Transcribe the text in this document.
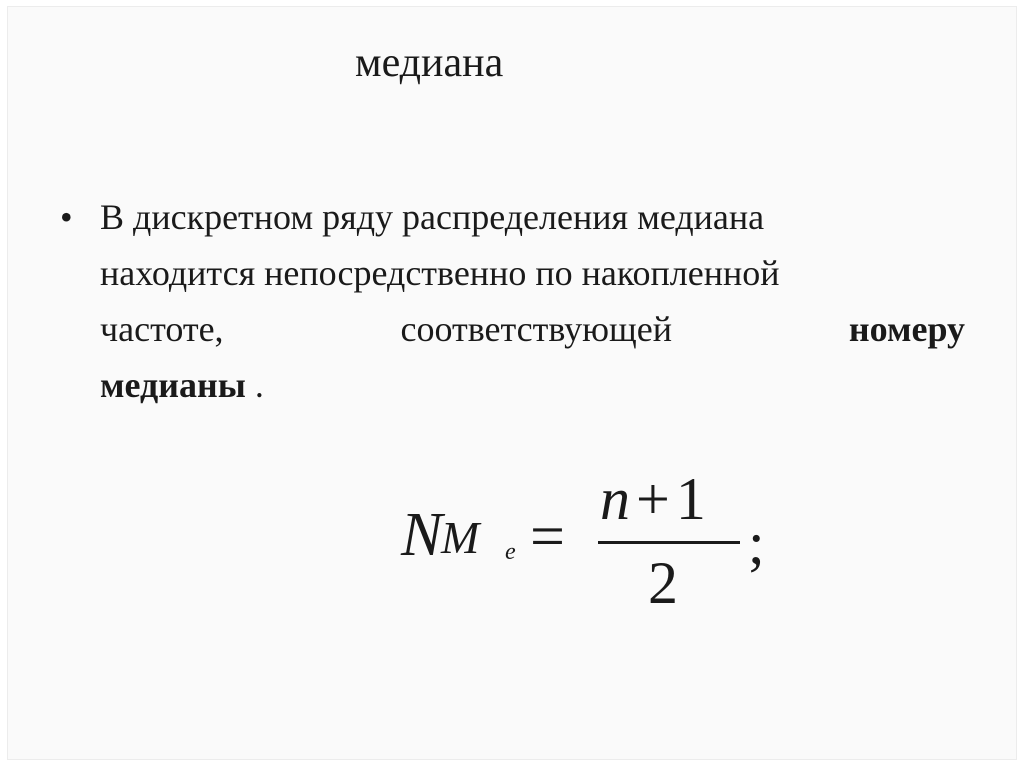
медиана
• В дискретном ряду распределения медиана
находится непосредственно по накопленной
частоте,	соответствующей	номеру
медианы .
N
M e =
n + 1
2
;
